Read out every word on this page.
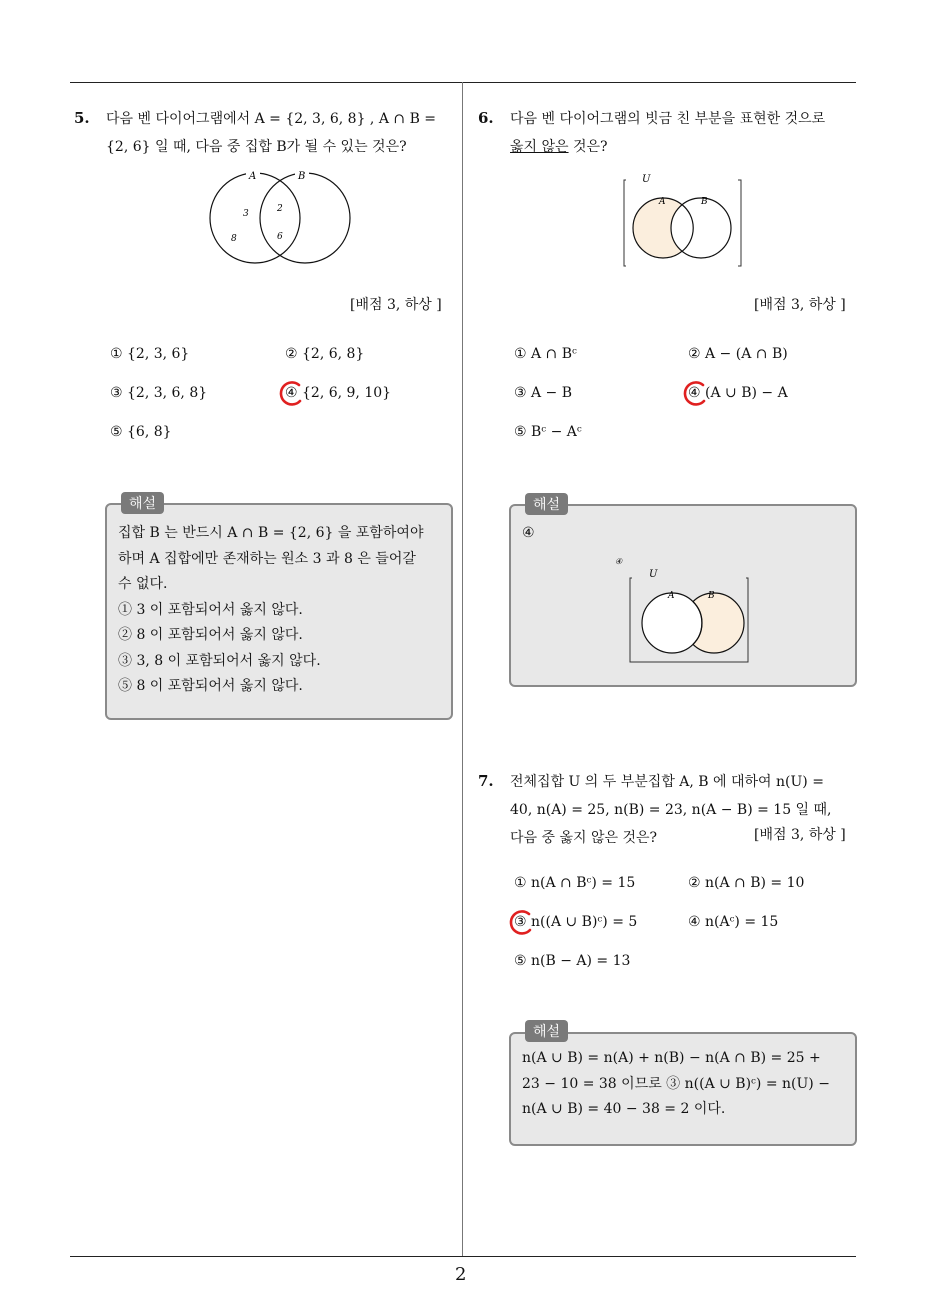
2
5. 다음 벤 다이어그램에서 A = {2, 3, 6, 8} , A ∩ B =
{2, 6} 일 때, 다음 중 집합 B가 될 수 있는 것은?
A	B
3	2
8	6
[배점 3, 하상 ]
① {2, 3, 6}	② {2, 6, 8}
③ {2, 3, 6, 8}	④ {2, 6, 9, 10}
⑤ {6, 8}
해설
집합 B 는 반드시 A ∩ B = {2, 6} 을 포함하여야
하며 A 집합에만 존재하는 원소 3 과 8 은 들어갈
수 없다.
① 3 이 포함되어서 옳지 않다.
② 8 이 포함되어서 옳지 않다.
③ 3, 8 이 포함되어서 옳지 않다.
⑤ 8 이 포함되어서 옳지 않다.
6. 다음 벤 다이어그램의 빗금 친 부분을 표현한 것으로
옳지 않은 것은?
U
A	B
[배점 3, 하상 ]
① A ∩ Bᶜ	② A − (A ∩ B)
③ A − B	④ (A ∪ B) − A
⑤ Bᶜ − Aᶜ
해설
④
④
U
A	B
7. 전체집합 U 의 두 부분집합 A, B 에 대하여 n(U) =
40, n(A) = 25, n(B) = 23, n(A − B) = 15 일 때,
다음 중 옳지 않은 것은?	[배점 3, 하상 ]
① n(A ∩ Bᶜ) = 15	② n(A ∩ B) = 10
③ n((A ∪ B)ᶜ) = 5	④ n(Aᶜ) = 15
⑤ n(B − A) = 13
해설
n(A ∪ B) = n(A) + n(B) − n(A ∩ B) = 25 +
23 − 10 = 38 이므로 ③ n((A ∪ B)ᶜ) = n(U) −
n(A ∪ B) = 40 − 38 = 2 이다.
